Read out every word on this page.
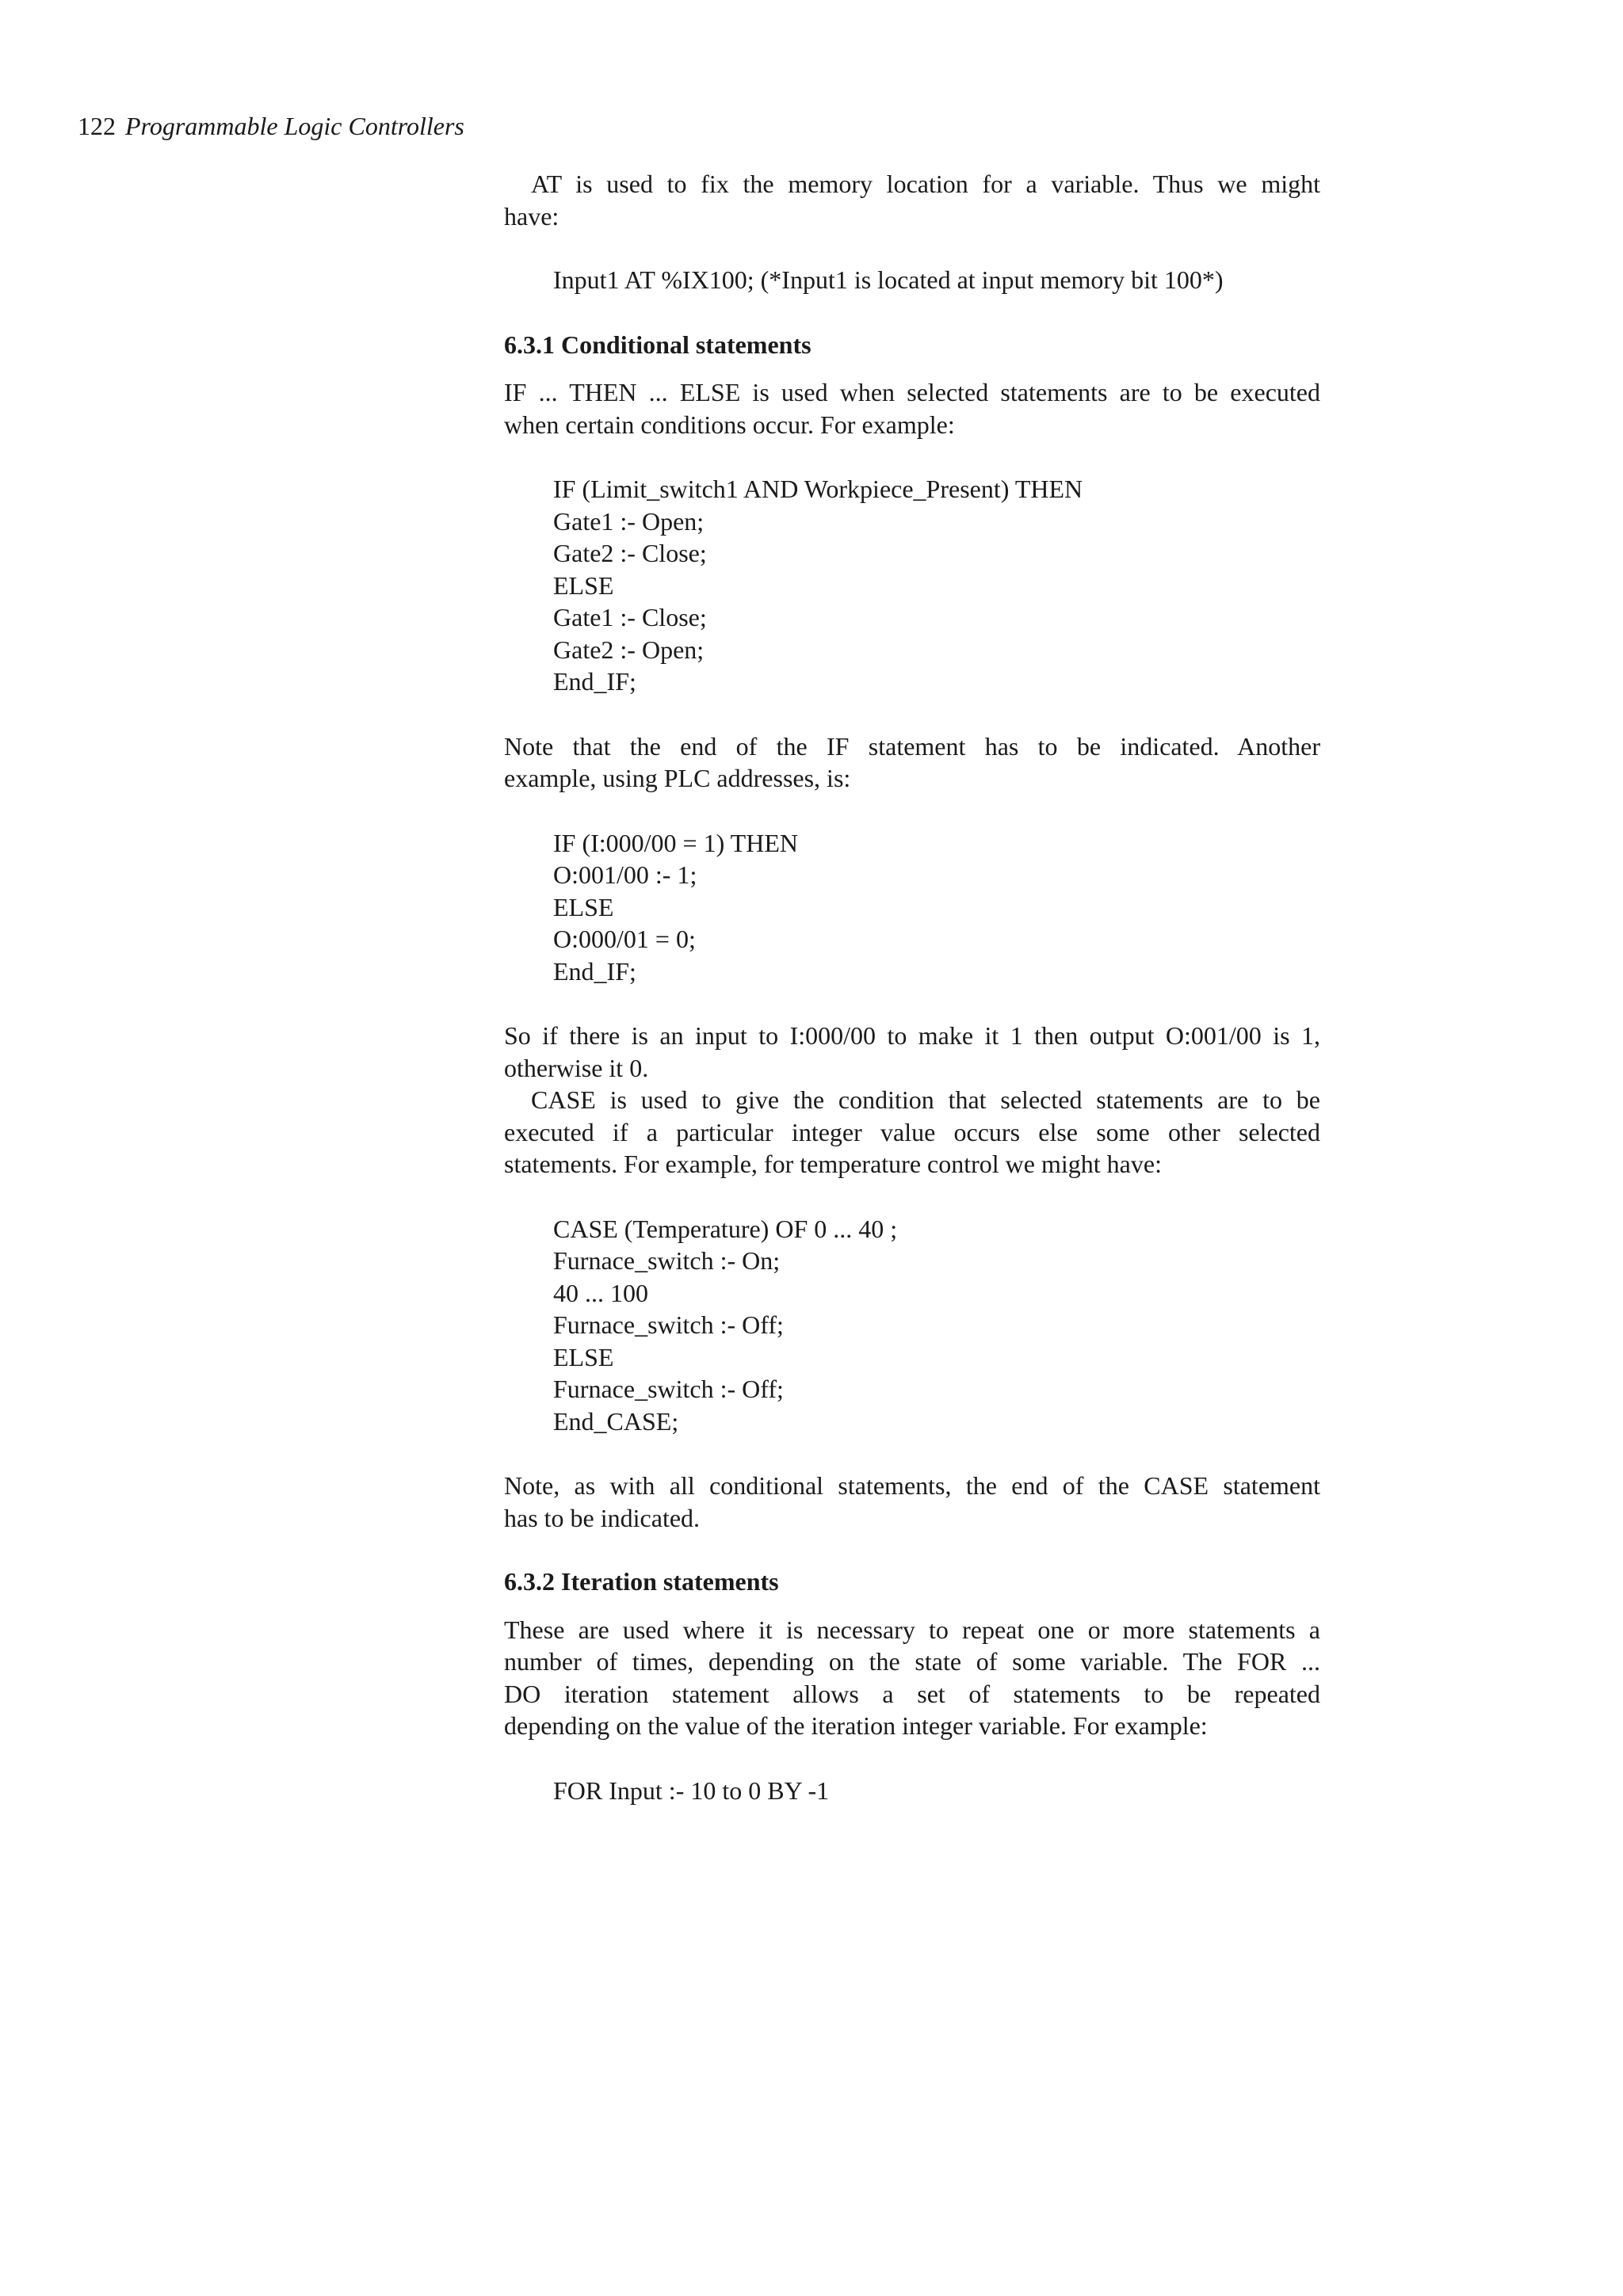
122 Programmable Logic Controllers

AT is used to fix the memory location for a variable. Thus we might

have:

Input1 AT %IX100; (*Input1 is located at input memory bit 100*)

6.3.1 Conditional statements

IF ... THEN ... ELSE is used when selected statements are to be executed

when certain conditions occur. For example:

IF (Limit_switch1 AND Workpiece_Present) THEN
Gate1 :- Open;
Gate2 :- Close;
ELSE
Gate1 :- Close;
Gate2 :- Open;
End_IF;

Note that the end of the IF statement has to be indicated. Another

example, using PLC addresses, is:

IF (I:000/00 = 1) THEN
O:001/00 :- 1;
ELSE
O:000/01 = 0;
End_IF;

So if there is an input to I:000/00 to make it 1 then output O:001/00 is 1,

otherwise it 0.

CASE is used to give the condition that selected statements are to be

executed if a particular integer value occurs else some other selected

statements. For example, for temperature control we might have:

CASE (Temperature) OF 0 ... 40 ;
Furnace_switch :- On;
40 ... 100
Furnace_switch :- Off;
ELSE
Furnace_switch :- Off;
End_CASE;

Note, as with all conditional statements, the end of the CASE statement

has to be indicated.

6.3.2 Iteration statements

These are used where it is necessary to repeat one or more statements a

number of times, depending on the state of some variable. The FOR ...

DO iteration statement allows a set of statements to be repeated

depending on the value of the iteration integer variable. For example:

FOR Input :- 10 to 0 BY -1
